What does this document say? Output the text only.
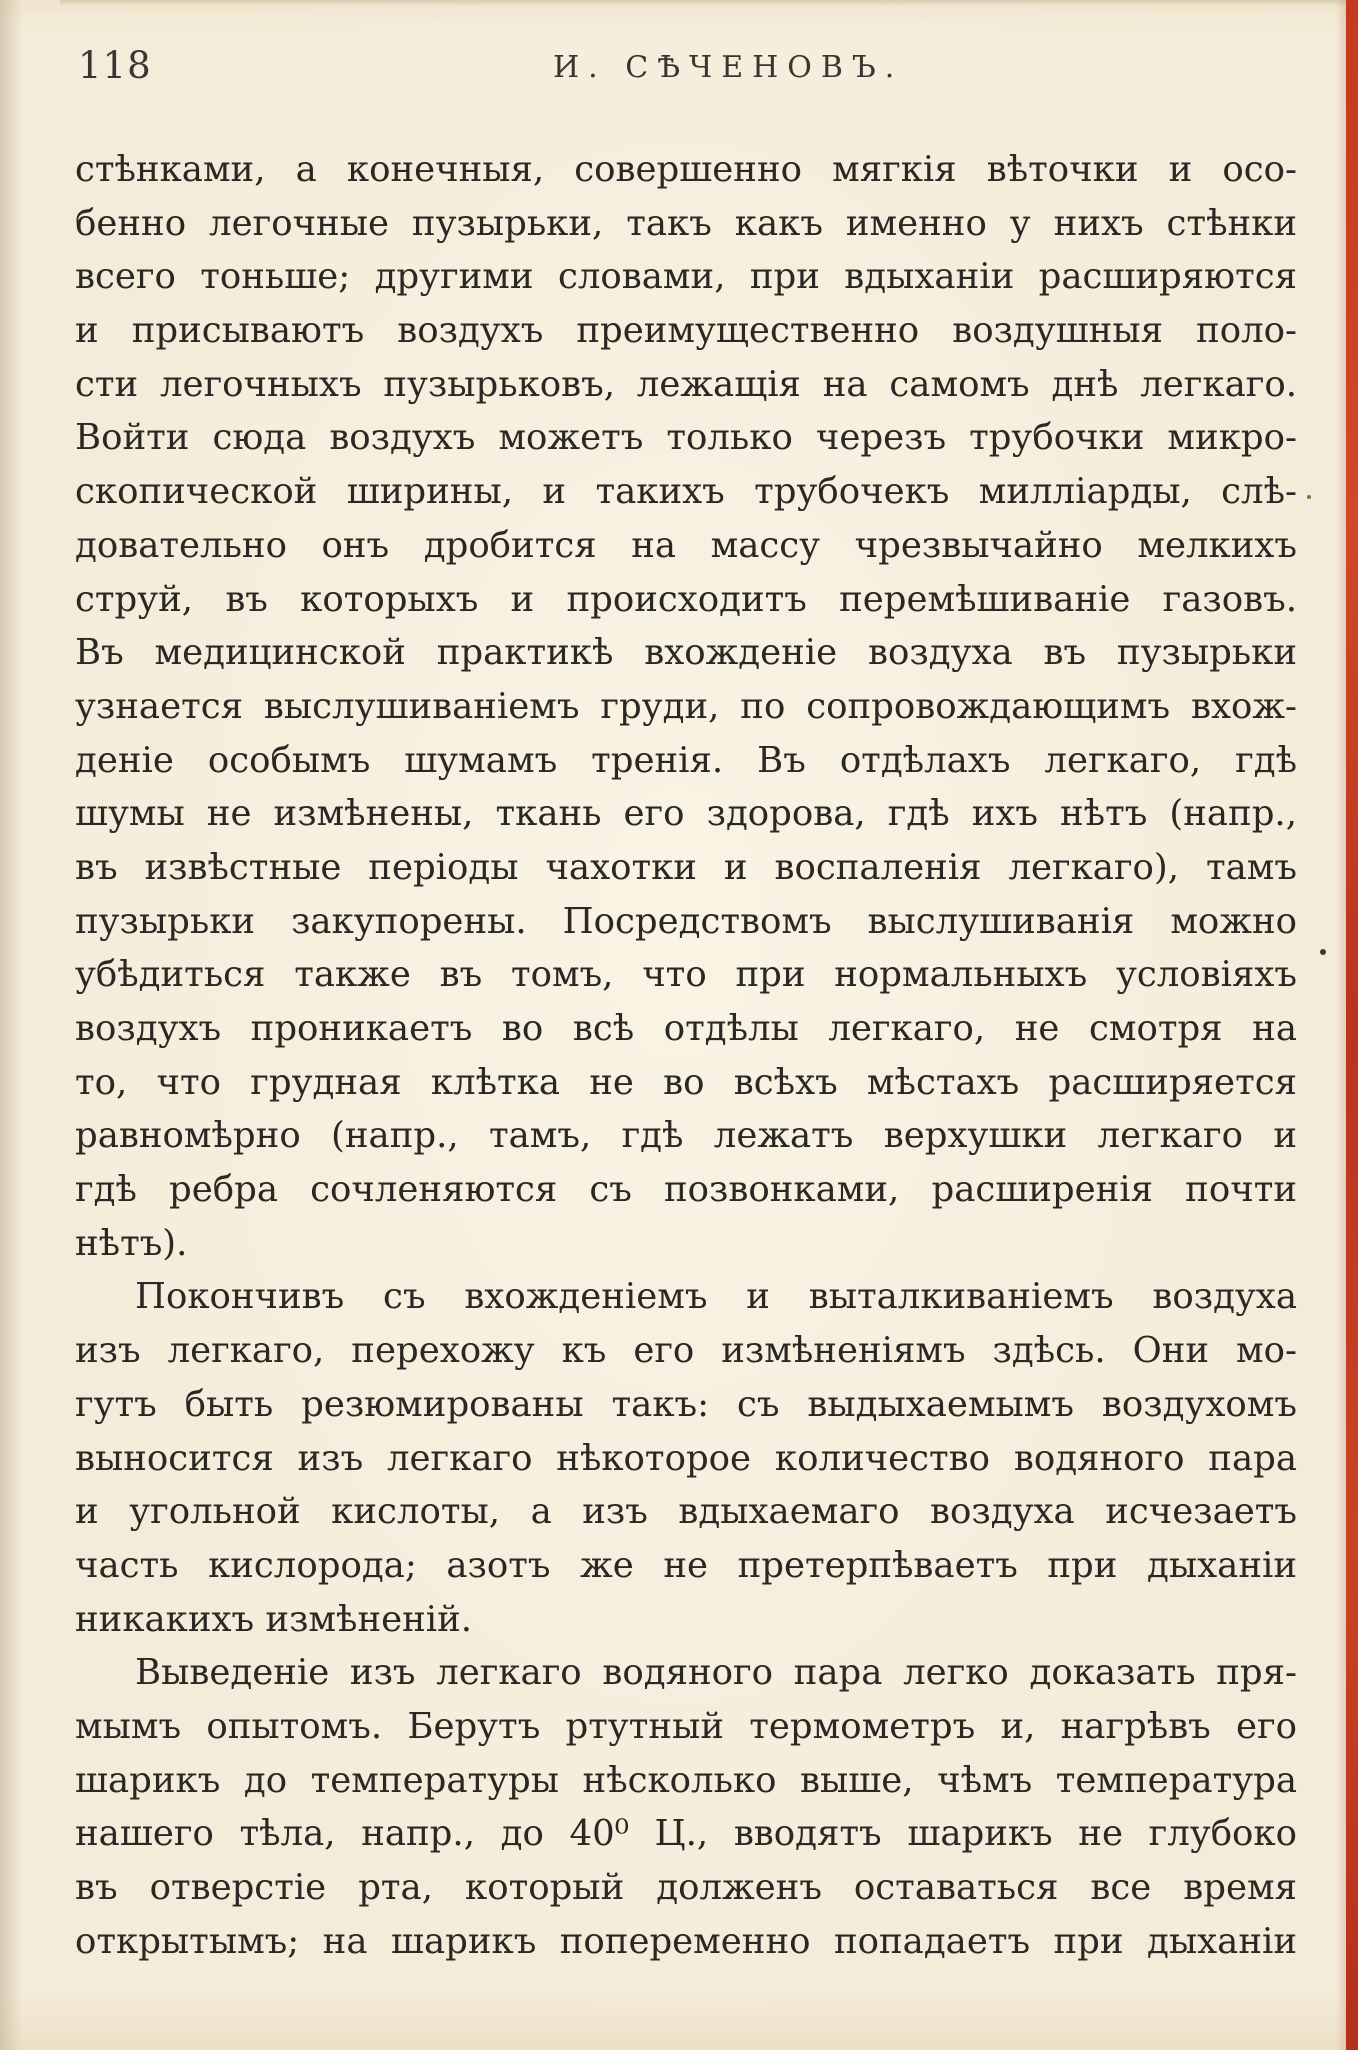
118	И. СѢЧЕНОВЪ.
стѣнками, а конечныя, совершенно мягкія вѣточки и осо-
бенно легочные пузырьки, такъ какъ именно у нихъ стѣнки
всего тоньше; другими словами, при вдыханіи расширяются
и присываютъ воздухъ преимущественно воздушныя поло-
сти легочныхъ пузырьковъ, лежащія на самомъ днѣ легкаго.
Войти сюда воздухъ можетъ только черезъ трубочки микро-
скопической ширины, и такихъ трубочекъ милліарды, слѣ-
довательно онъ дробится на массу чрезвычайно мелкихъ
струй, въ которыхъ и происходитъ перемѣшиванie газовъ.
Въ медицинской практикѣ вхожденіе воздуха въ пузырьки
узнается выслушиваніемъ груди, по сопровождающимъ вхож-
деніе особымъ шумамъ тренія. Въ отдѣлахъ легкаго, гдѣ
шумы не измѣнены, ткань его здорова, гдѣ ихъ нѣтъ (напр.,
въ извѣстные періоды чахотки и воспаленія легкаго), тамъ
пузырьки закупорены. Посредствомъ выслушиванія можно
убѣдиться также въ томъ, что при нормальныхъ условіяхъ
воздухъ проникаетъ во всѣ отдѣлы легкаго, не смотря на
то, что грудная клѣтка не во всѣхъ мѣстахъ расширяется
равномѣрно (напр., тамъ, гдѣ лежатъ верхушки легкаго и
гдѣ ребра сочленяются съ позвонками, расширенія почти
нѣтъ).
Покончивъ съ вхожденіемъ и выталкиваніемъ воздуха
изъ легкаго, перехожу къ его измѣненіямъ здѣсь. Они мо-
гутъ быть резюмированы такъ: съ выдыхаемымъ воздухомъ
выносится изъ легкаго нѣкоторое количество водяного пара
и угольной кислоты, а изъ вдыхаемаго воздуха исчезаетъ
часть кислорода; азотъ же не претерпѣваетъ при дыханіи
никакихъ измѣненій.
Выведеніе изъ легкаго водяного пара легко доказать пря-
мымъ опытомъ. Берутъ ртутный термометръ и, нагрѣвъ его
шарикъ до температуры нѣсколько выше, чѣмъ температура
нашего тѣла, напр., до 40⁰ Ц., вводятъ шарикъ не глубоко
въ отверстіе рта, который долженъ оставаться все время
открытымъ; на шарикъ попеременно попадаетъ при дыханіи
